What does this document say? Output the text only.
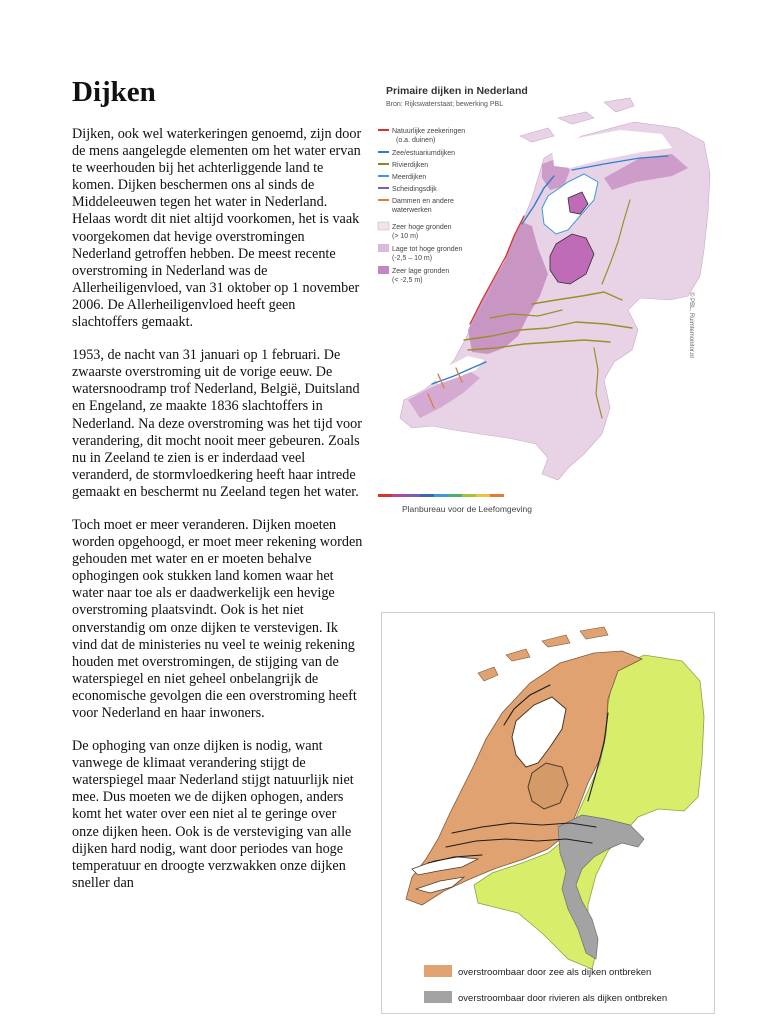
Dijken

Dijken, ook wel waterkeringen genoemd, zijn door de mens aangelegde elementen om het water ervan te weerhouden bij het achterliggende land te komen. Dijken beschermen ons al sinds de Middeleeuwen tegen het water in Nederland. Helaas wordt dit niet altijd voorkomen, het is vaak voorgekomen dat hevige overstromingen Nederland getroffen hebben. De meest recente overstroming in Nederland was de Allerheiligenvloed, van 31 oktober op 1 november 2006. De Allerheiligenvloed heeft geen slachtoffers gemaakt.

1953, de nacht van 31 januari op 1 februari. De zwaarste overstroming uit de vorige eeuw. De watersnoodramp trof Nederland, België, Duitsland en Engeland, ze maakte 1836 slachtoffers in Nederland. Na deze overstroming was het tijd voor verandering, dit mocht nooit meer gebeuren. Zoals nu in Zeeland te zien is er inderdaad veel veranderd, de stormvloedkering heeft haar intrede gemaakt en beschermt nu Zeeland tegen het water.

Toch moet er meer veranderen. Dijken moeten worden opgehoogd, er moet meer rekening worden gehouden met water en er moeten behalve ophogingen ook stukken land komen waar het water naar toe als er daadwerkelijk een hevige overstroming plaatsvindt. Ook is het niet onverstandig om onze dijken te verstevigen. Ik vind dat de ministeries nu veel te weinig rekening houden met overstromingen, de stijging van de waterspiegel en niet geheel onbelangrijk de economische gevolgen die een overstroming heeft voor Nederland en haar inwoners.

De ophoging van onze dijken is nodig, want vanwege de klimaat verandering stijgt de waterspiegel maar Nederland stijgt natuurlijk niet mee. Dus moeten we de dijken ophogen, anders komt het water over een niet al te geringe over onze dijken heen. Ook is de versteviging van alle dijken hard nodig, want door periodes van hoge temperatuur en droogte verzwakken onze dijken sneller dan

Primaire dijken in Nederland
Bron: Rijkswaterstaat; bewerking PBL
Natuurlijke zeekeringen
(o.a. duinen)
Zee/estuariumdijken
Rivierdijken
Meerdijken
Scheidingsdijk
Dammen en andere
waterwerken
Zeer hoge gronden
(> 10 m)
Lage tot hoge gronden
(-2,5 – 10 m)
Zeer lage gronden
(< -2,5 m)
© PBL, Ruimtemonitor.nl
Planbureau voor de Leefomgeving
overstroombaar door zee als dijken ontbreken
overstroombaar door rivieren als dijken ontbreken
